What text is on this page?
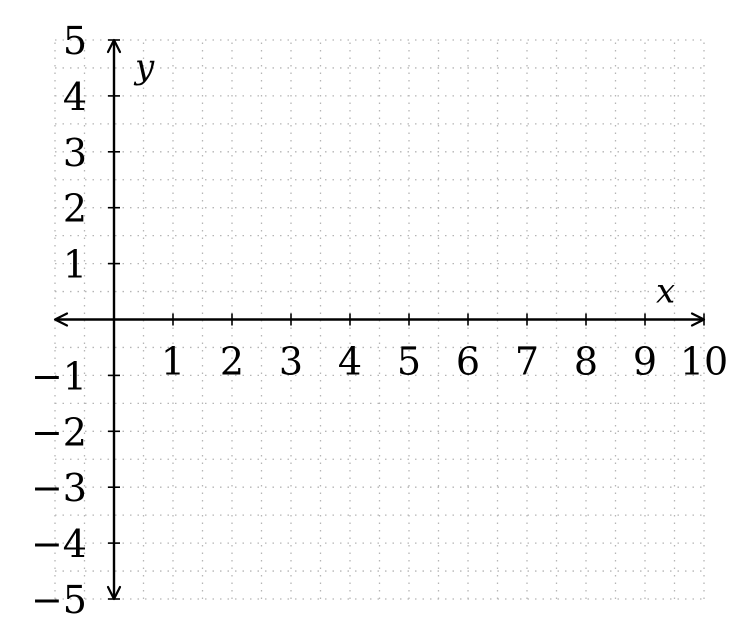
1 2 3 4 5 6 7 8 9 10
5
4
3
2
1
−1
−2
−3
−4
−5
x
y
